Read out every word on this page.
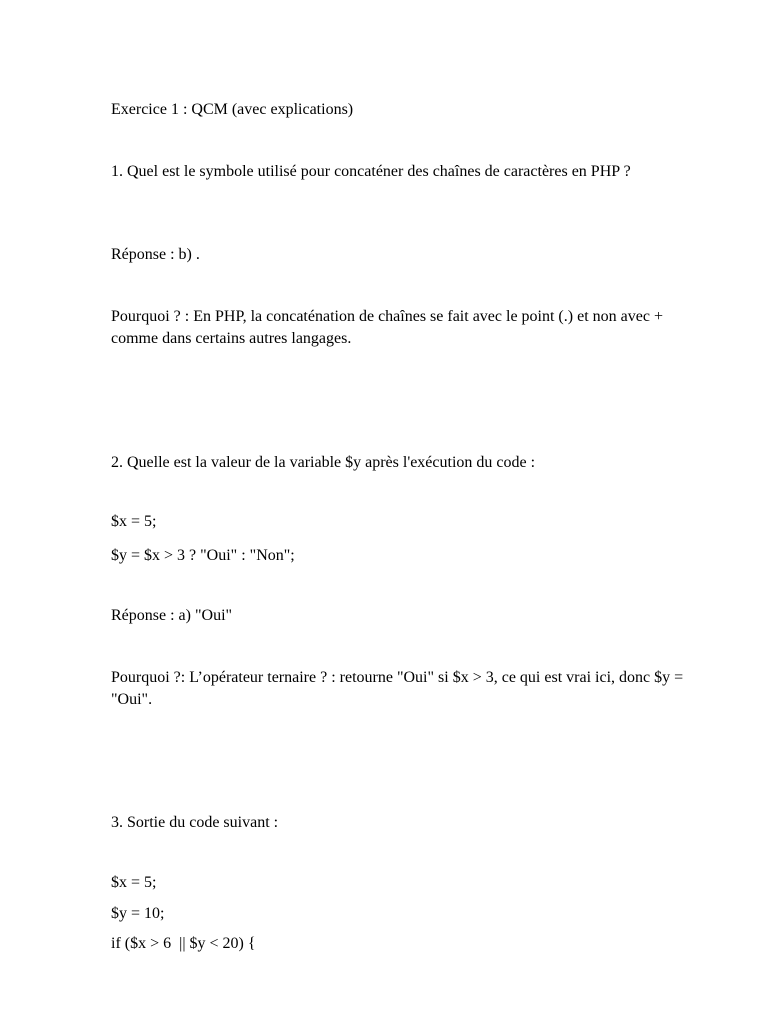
Exercice 1 : QCM (avec explications)
1. Quel est le symbole utilisé pour concaténer des chaînes de caractères en PHP ?
Réponse : b) .
Pourquoi ? : En PHP, la concaténation de chaînes se fait avec le point (.) et non avec + comme dans certains autres langages.
2. Quelle est la valeur de la variable $y après l'exécution du code :
$x = 5;
$y = $x > 3 ? "Oui" : "Non";
Réponse : a) "Oui"
Pourquoi ?: L’opérateur ternaire ? : retourne "Oui" si $x > 3, ce qui est vrai ici, donc $y = "Oui".
3. Sortie du code suivant :
$x = 5;
$y = 10;
if ($x > 6  || $y < 20) {
